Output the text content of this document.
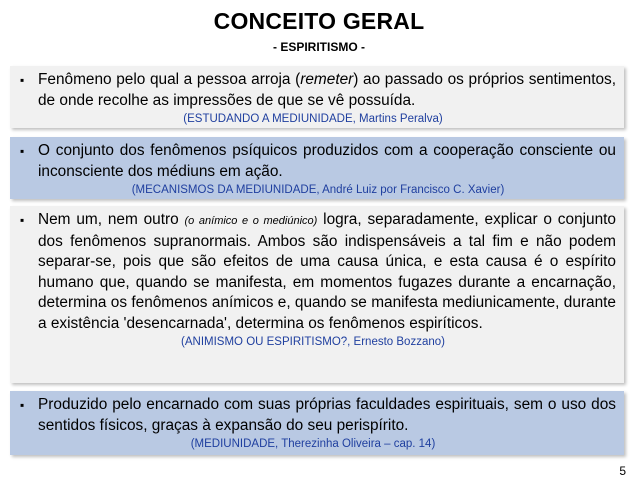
CONCEITO GERAL
- ESPIRITISMO -
▪ Fenômeno pelo qual a pessoa arroja (remeter) ao passado os próprios sentimentos, de onde recolhe as impressões de que se vê possuída.
(ESTUDANDO A MEDIUNIDADE, Martins Peralva)
▪ O conjunto dos fenômenos psíquicos produzidos com a cooperação consciente ou inconsciente dos médiuns em ação.
(MECANISMOS DA MEDIUNIDADE, André Luiz por Francisco C. Xavier)
▪ Nem um, nem outro (o anímico e o mediúnico) logra, separadamente, explicar o conjunto dos fenômenos supranormais. Ambos são indispensáveis a tal fim e não podem separar-se, pois que são efeitos de uma causa única, e esta causa é o espírito humano que, quando se manifesta, em momentos fugazes durante a encarnação, determina os fenômenos anímicos e, quando se manifesta mediunicamente, durante a existência 'desencarnada', determina os fenômenos espiríticos.
(ANIMISMO OU ESPIRITISMO?, Ernesto Bozzano)
▪ Produzido pelo encarnado com suas próprias faculdades espirituais, sem o uso dos sentidos físicos, graças à expansão do seu perispírito.
(MEDIUNIDADE, Therezinha Oliveira – cap. 14)
5
